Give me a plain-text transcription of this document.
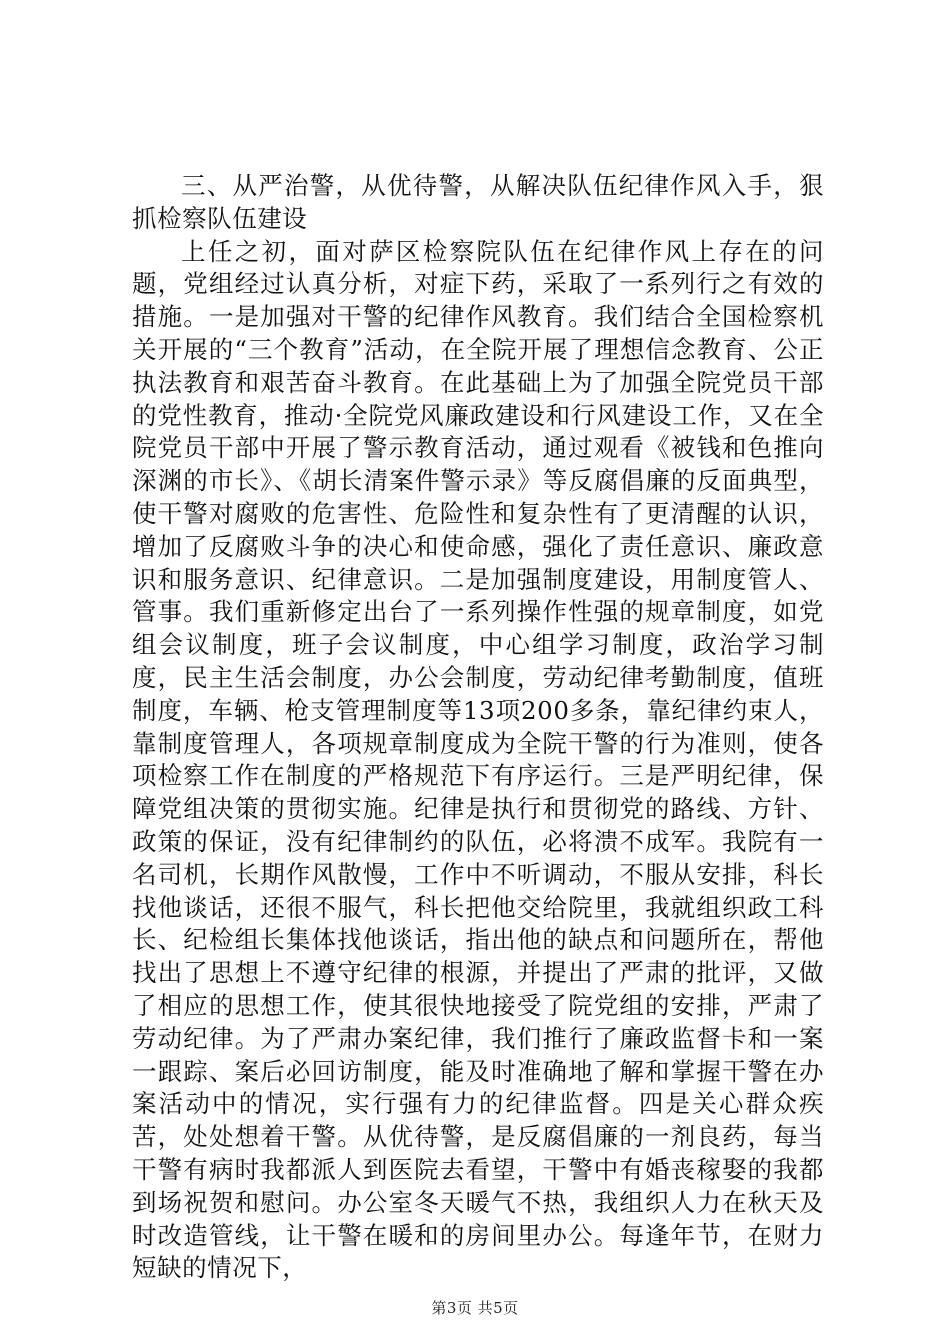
三、从严治警，从优待警，从解决队伍纪律作风入手，狠抓检察队伍建设

上任之初，面对萨区检察院队伍在纪律作风上存在的问题，党组经过认真分析，对症下药，采取了一系列行之有效的措施。一是加强对干警的纪律作风教育。我们结合全国检察机关开展的“三个教育”活动，在全院开展了理想信念教育、公正执法教育和艰苦奋斗教育。在此基础上为了加强全院党员干部的党性教育，推动·全院党风廉政建设和行风建设工作，又在全院党员干部中开展了警示教育活动，通过观看《被钱和色推向深渊的市长》、《胡长清案件警示录》等反腐倡廉的反面典型，使干警对腐败的危害性、危险性和复杂性有了更清醒的认识，增加了反腐败斗争的决心和使命感，强化了责任意识、廉政意识和服务意识、纪律意识。二是加强制度建设，用制度管人、管事。我们重新修定出台了一系列操作性强的规章制度，如党组会议制度，班子会议制度，中心组学习制度，政治学习制度，民主生活会制度，办公会制度，劳动纪律考勤制度，值班制度，车辆、枪支管理制度等13项200多条，靠纪律约束人，靠制度管理人，各项规章制度成为全院干警的行为准则，使各项检察工作在制度的严格规范下有序运行。三是严明纪律，保障党组决策的贯彻实施。纪律是执行和贯彻党的路线、方针、政策的保证，没有纪律制约的队伍，必将溃不成军。我院有一名司机，长期作风散慢，工作中不听调动，不服从安排，科长找他谈话，还很不服气，科长把他交给院里，我就组织政工科长、纪检组长集体找他谈话，指出他的缺点和问题所在，帮他找出了思想上不遵守纪律的根源，并提出了严肃的批评，又做了相应的思想工作，使其很快地接受了院党组的安排，严肃了劳动纪律。为了严肃办案纪律，我们推行了廉政监督卡和一案一跟踪、案后必回访制度，能及时准确地了解和掌握干警在办案活动中的情况，实行强有力的纪律监督。四是关心群众疾苦，处处想着干警。从优待警，是反腐倡廉的一剂良药，每当干警有病时我都派人到医院去看望，干警中有婚丧稼娶的我都到场祝贺和慰问。办公室冬天暖气不热，我组织人力在秋天及时改造管线，让干警在暖和的房间里办公。每逢年节，在财力短缺的情况下，

第3页 共5页
